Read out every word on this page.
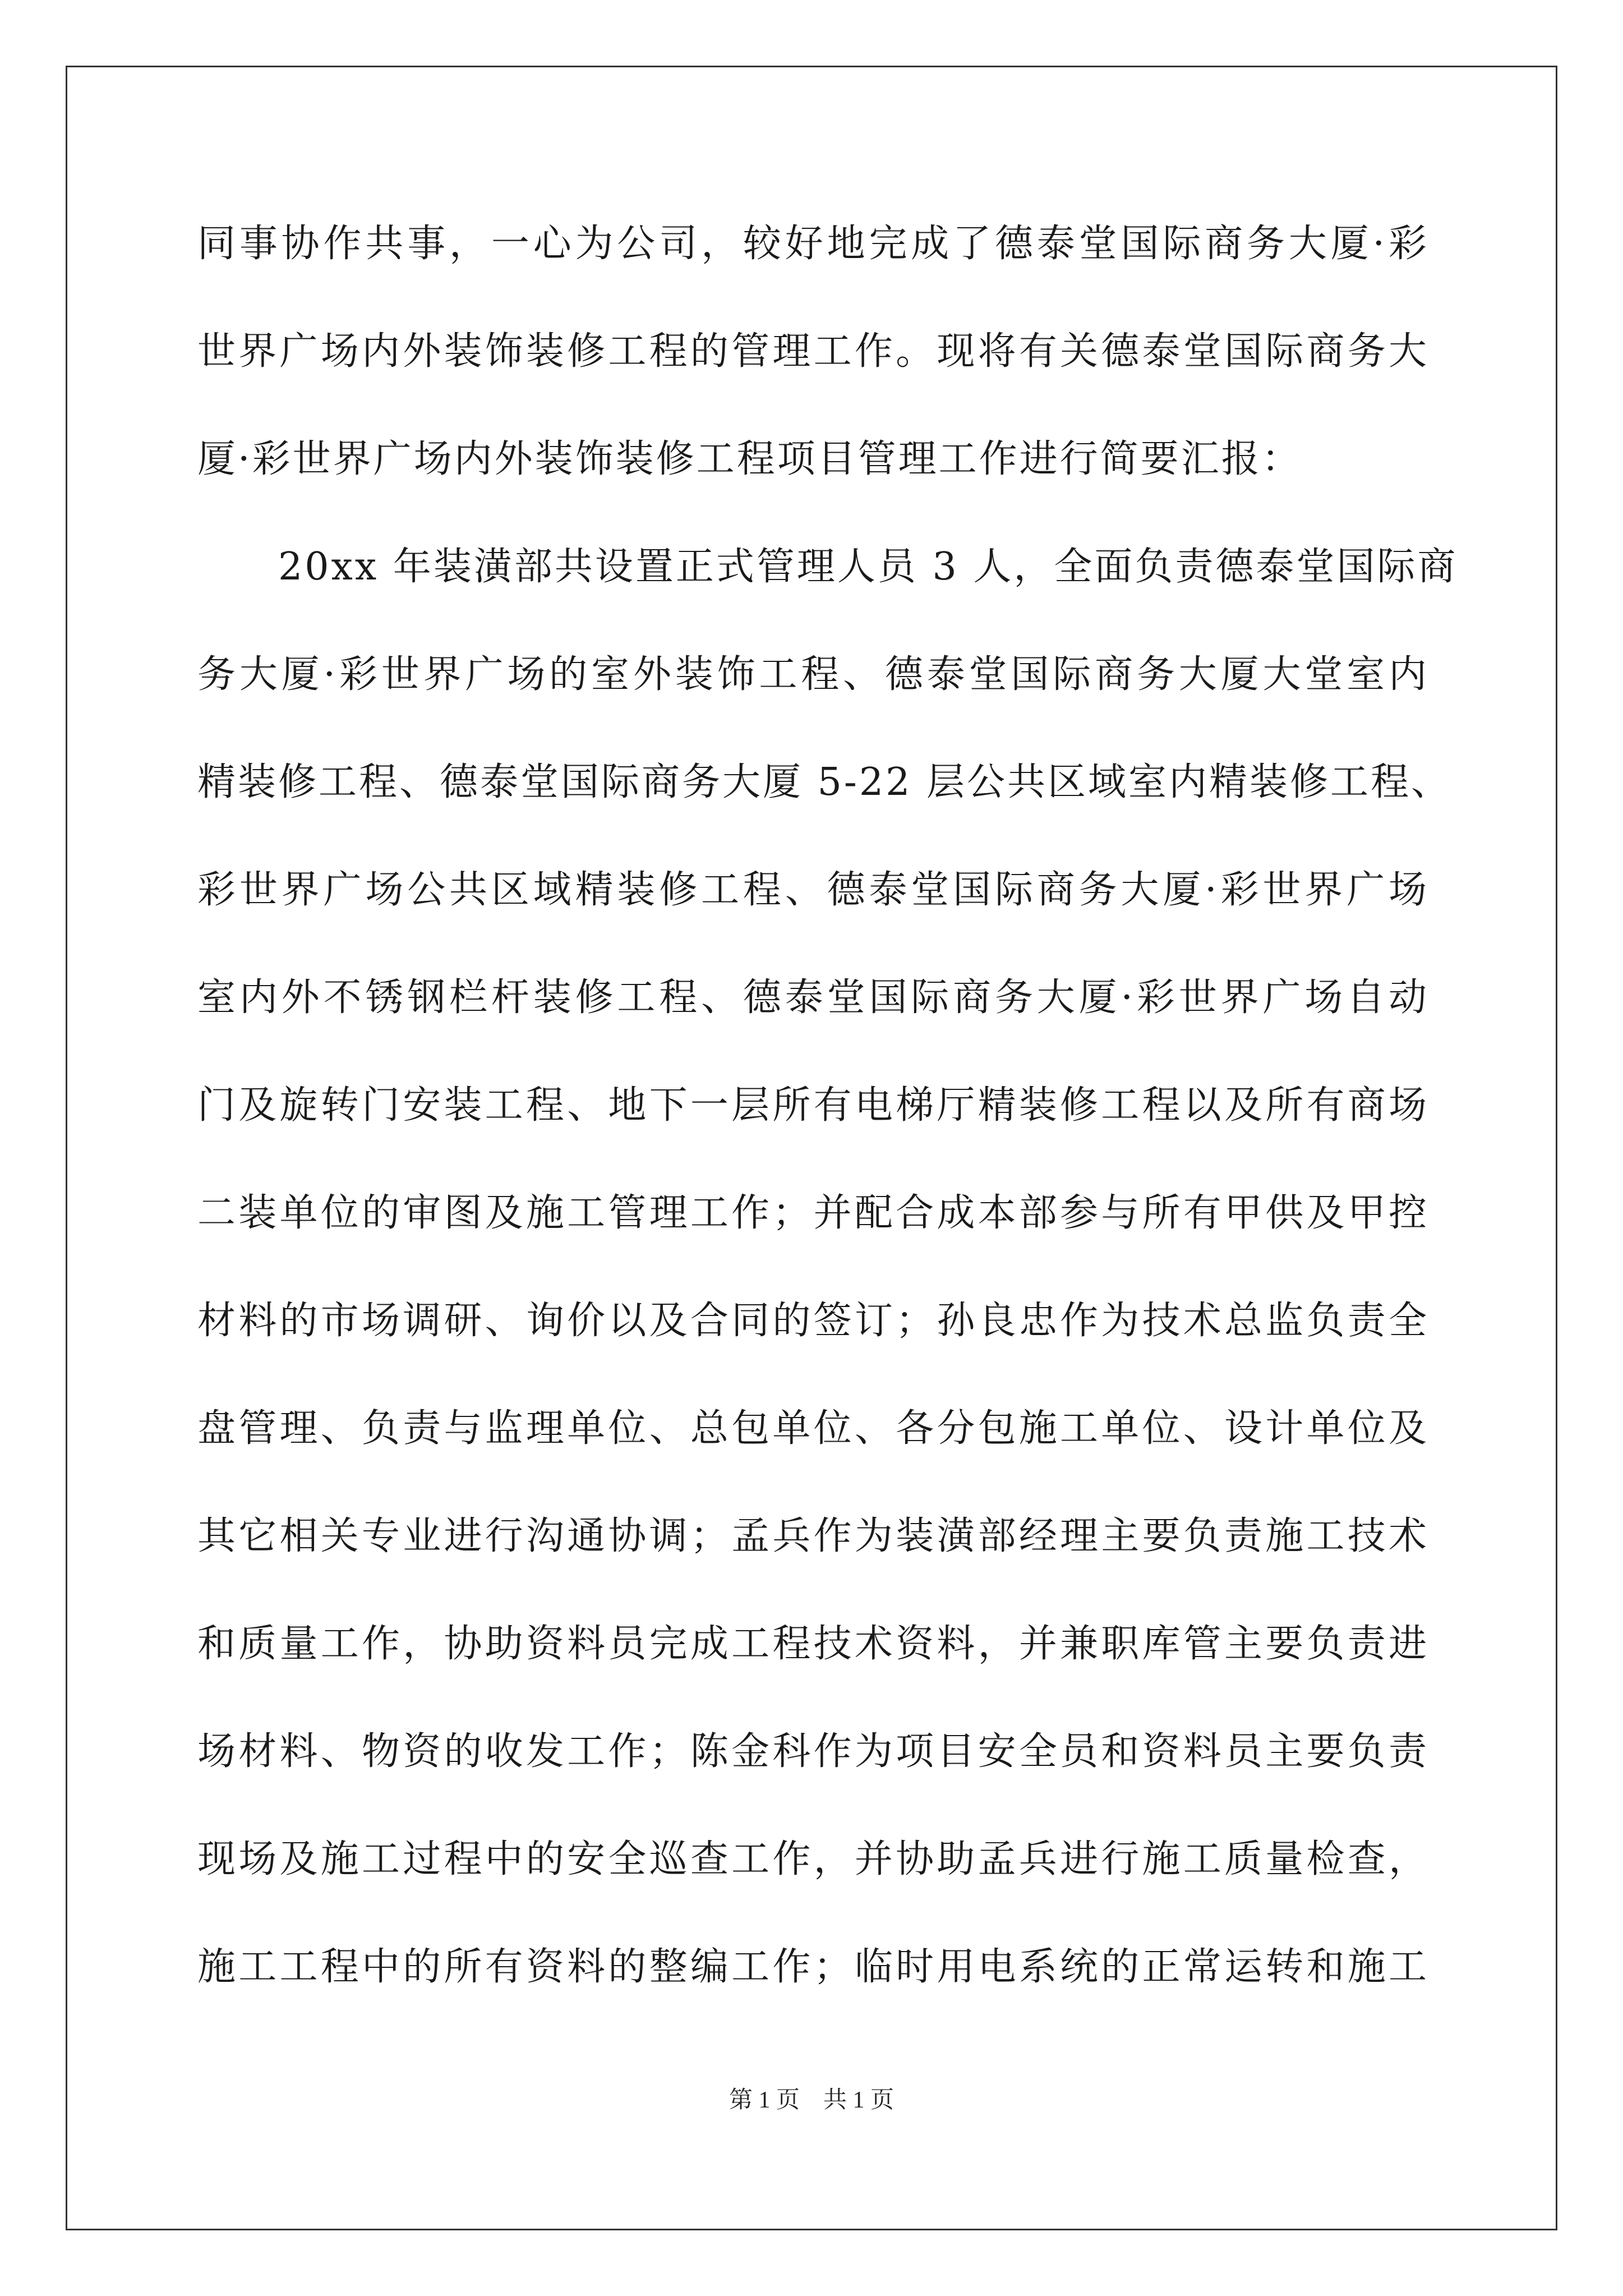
同事协作共事，一心为公司，较好地完成了德泰堂国际商务大厦·彩
世界广场内外装饰装修工程的管理工作。现将有关德泰堂国际商务大
厦·彩世界广场内外装饰装修工程项目管理工作进行简要汇报：
　　20xx 年装潢部共设置正式管理人员 3 人，全面负责德泰堂国际商
务大厦·彩世界广场的室外装饰工程、德泰堂国际商务大厦大堂室内
精装修工程、德泰堂国际商务大厦 5-22 层公共区域室内精装修工程、
彩世界广场公共区域精装修工程、德泰堂国际商务大厦·彩世界广场
室内外不锈钢栏杆装修工程、德泰堂国际商务大厦·彩世界广场自动
门及旋转门安装工程、地下一层所有电梯厅精装修工程以及所有商场
二装单位的审图及施工管理工作；并配合成本部参与所有甲供及甲控
材料的市场调研、询价以及合同的签订；孙良忠作为技术总监负责全
盘管理、负责与监理单位、总包单位、各分包施工单位、设计单位及
其它相关专业进行沟通协调；孟兵作为装潢部经理主要负责施工技术
和质量工作，协助资料员完成工程技术资料，并兼职库管主要负责进
场材料、物资的收发工作；陈金科作为项目安全员和资料员主要负责
现场及施工过程中的安全巡查工作，并协助孟兵进行施工质量检查，
施工工程中的所有资料的整编工作；临时用电系统的正常运转和施工
第 1 页　共 1 页
